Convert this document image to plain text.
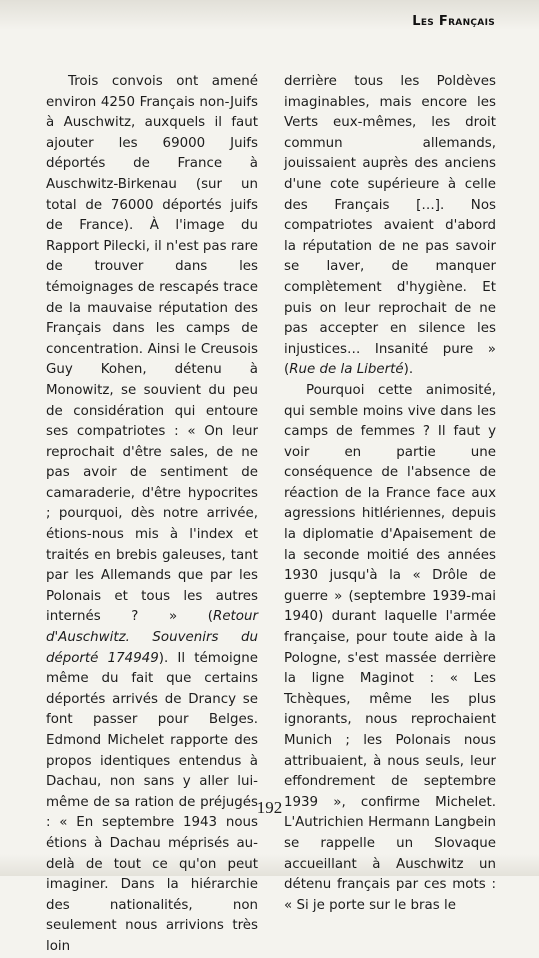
Les Français

Trois convois ont amené environ 4250 Français non-Juifs à Auschwitz, auxquels il faut ajouter les 69000 Juifs déportés de France à Auschwitz-Birkenau (sur un total de 76000 déportés juifs de France). À l'image du Rapport Pilecki, il n'est pas rare de trouver dans les témoignages de rescapés trace de la mauvaise réputation des Français dans les camps de concentration. Ainsi le Creusois Guy Kohen, détenu à Monowitz, se souvient du peu de considération qui entoure ses compatriotes : « On leur reprochait d'être sales, de ne pas avoir de sentiment de camaraderie, d'être hypocrites ; pourquoi, dès notre arrivée, étions-nous mis à l'index et traités en brebis galeuses, tant par les Allemands que par les Polonais et tous les autres internés ? » (Retour d'Auschwitz. Souvenirs du déporté 174949). Il témoigne même du fait que certains déportés arrivés de Drancy se font passer pour Belges. Edmond Michelet rapporte des propos identiques entendus à Dachau, non sans y aller lui-même de sa ration de préjugés : « En septembre 1943 nous étions à Dachau méprisés au-delà de tout ce qu'on peut imaginer. Dans la hiérarchie des nationalités, non seulement nous arrivions très loin

derrière tous les Poldèves imaginables, mais encore les Verts eux-mêmes, les droit commun allemands, jouissaient auprès des anciens d'une cote supérieure à celle des Français […]. Nos compatriotes avaient d'abord la réputation de ne pas savoir se laver, de manquer complètement d'hygiène. Et puis on leur reprochait de ne pas accepter en silence les injustices… Insanité pure » (Rue de la Liberté).

Pourquoi cette animosité, qui semble moins vive dans les camps de femmes ? Il faut y voir en partie une conséquence de l'absence de réaction de la France face aux agressions hitlériennes, depuis la diplomatie d'Apaisement de la seconde moitié des années 1930 jusqu'à la « Drôle de guerre » (septembre 1939-mai 1940) durant laquelle l'armée française, pour toute aide à la Pologne, s'est massée derrière la ligne Maginot : « Les Tchèques, même les plus ignorants, nous reprochaient Munich ; les Polonais nous attribuaient, à nous seuls, leur effondrement de septembre 1939 », confirme Michelet. L'Autrichien Hermann Langbein se rappelle un Slovaque accueillant à Auschwitz un détenu français par ces mots : « Si je porte sur le bras le

192
